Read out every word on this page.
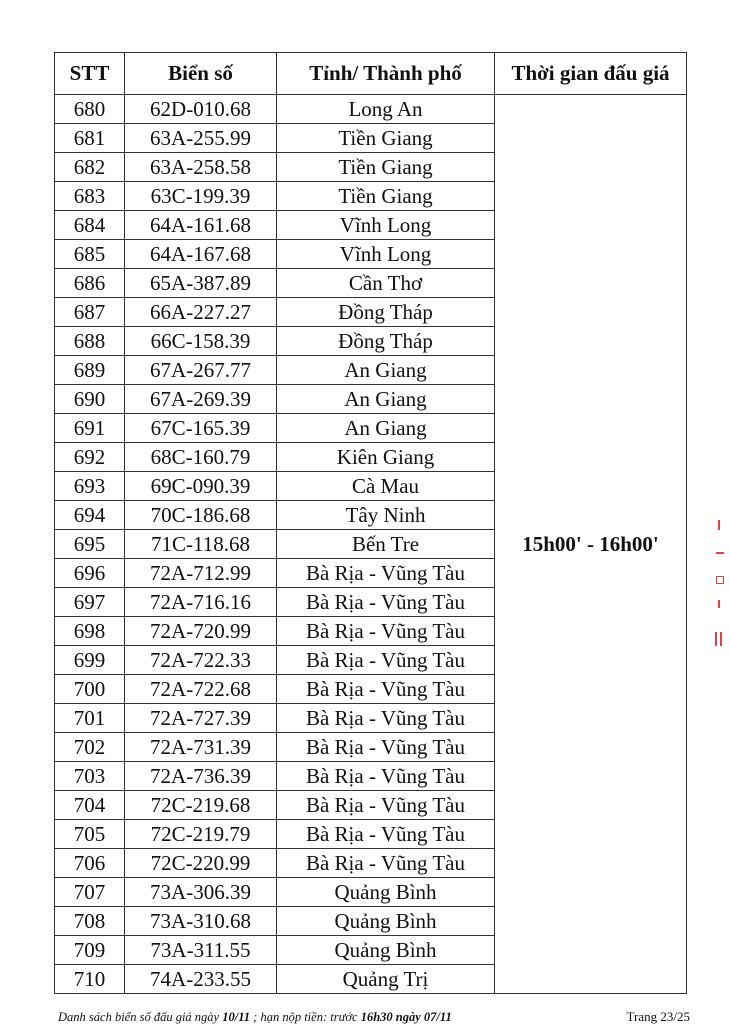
STT	Biển số	Tỉnh/ Thành phố	Thời gian đấu giá
680	62D-010.68	Long An	15h00' - 16h00'
681	63A-255.99	Tiền Giang	
682	63A-258.58	Tiền Giang	
683	63C-199.39	Tiền Giang	
684	64A-161.68	Vĩnh Long	
685	64A-167.68	Vĩnh Long	
686	65A-387.89	Cần Thơ	
687	66A-227.27	Đồng Tháp	
688	66C-158.39	Đồng Tháp	
689	67A-267.77	An Giang	
690	67A-269.39	An Giang	
691	67C-165.39	An Giang	
692	68C-160.79	Kiên Giang	
693	69C-090.39	Cà Mau	
694	70C-186.68	Tây Ninh	
695	71C-118.68	Bến Tre	
696	72A-712.99	Bà Rịa - Vũng Tàu	
697	72A-716.16	Bà Rịa - Vũng Tàu	
698	72A-720.99	Bà Rịa - Vũng Tàu	
699	72A-722.33	Bà Rịa - Vũng Tàu	
700	72A-722.68	Bà Rịa - Vũng Tàu	
701	72A-727.39	Bà Rịa - Vũng Tàu	
702	72A-731.39	Bà Rịa - Vũng Tàu	
703	72A-736.39	Bà Rịa - Vũng Tàu	
704	72C-219.68	Bà Rịa - Vũng Tàu	
705	72C-219.79	Bà Rịa - Vũng Tàu	
706	72C-220.99	Bà Rịa - Vũng Tàu	
707	73A-306.39	Quảng Bình	
708	73A-310.68	Quảng Bình	
709	73A-311.55	Quảng Bình	
710	74A-233.55	Quảng Trị	
Danh sách biển số đấu giá ngày 10/11 ; hạn nộp tiền: trước 16h30 ngày 07/11	Trang 23/25
